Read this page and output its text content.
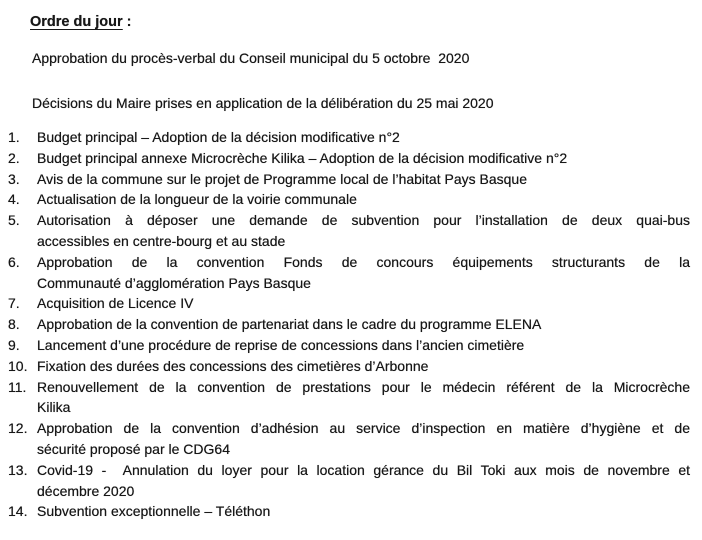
Ordre du jour :

Approbation du procès-verbal du Conseil municipal du 5 octobre  2020

Décisions du Maire prises en application de la délibération du 25 mai 2020

1.	Budget principal – Adoption de la décision modificative n°2
2.	Budget principal annexe Microcrèche Kilika – Adoption de la décision modificative n°2
3.	Avis de la commune sur le projet de Programme local de l’habitat Pays Basque
4.	Actualisation de la longueur de la voirie communale
5.	Autorisation à déposer une demande de subvention pour l’installation de deux quai-bus
accessibles en centre-bourg et au stade
6.	Approbation de la convention Fonds de concours équipements structurants de la
Communauté d’agglomération Pays Basque
7.	Acquisition de Licence IV
8.	Approbation de la convention de partenariat dans le cadre du programme ELENA
9.	Lancement d’une procédure de reprise de concessions dans l’ancien cimetière
10. Fixation des durées des concessions des cimetières d’Arbonne
11. Renouvellement de la convention de prestations pour le médecin référent de la Microcrèche
Kilika
12. Approbation de la convention d’adhésion au service d’inspection en matière d’hygiène et de
sécurité proposé par le CDG64
13. Covid-19 -  Annulation du loyer pour la location gérance du Bil Toki aux mois de novembre et
décembre 2020
14. Subvention exceptionnelle – Téléthon
